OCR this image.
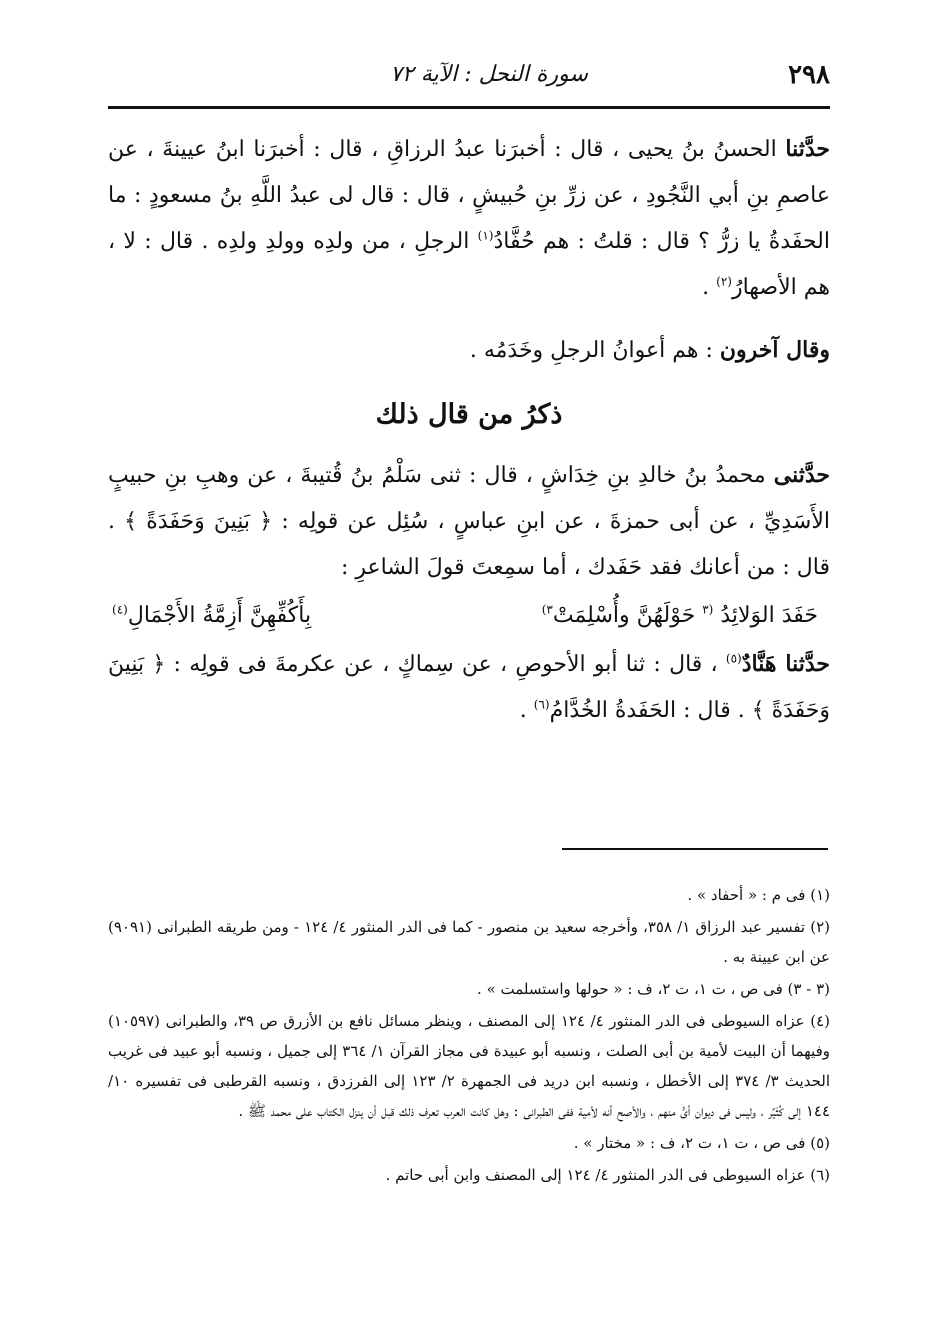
٢٩٨
سورة النحل : الآية ٧٢

حدَّثنا الحسنُ بنُ يحيى ، قال : أخبرَنا عبدُ الرزاقِ ، قال : أخبرَنا ابنُ عيينةَ ، عن عاصمِ بنِ أبي النَّجُودِ ، عن زرِّ بنِ حُبيشٍ ، قال : قال لى عبدُ اللَّهِ بنُ مسعودٍ : ما الحفَدةُ يا زرُّ ؟ قال : قلتُ : هم حُفَّادُ$^{(١)}$ الرجلِ ، من ولدِه وولدِ ولدِه . قال : لا ، هم الأصهارُ$^{(٢)}$ .

وقال آخرون : هم أعوانُ الرجلِ وخَدَمُه .

ذكرُ من قال ذلك

حدَّثنى محمدُ بنُ خالدِ بنِ خِدَاشٍ ، قال : ثنى سَلْمُ بنُ قُتيبةَ ، عن وهبِ بنِ حبيبٍ الأَسَدِيِّ ، عن أبى حمزةَ ، عن ابنِ عباسٍ ، سُئِل عن قولِه : ﴿ بَنِينَ وَحَفَدَةً ﴾ . قال : من أعانك فقد حَفَدك ، أما سمِعتَ قولَ الشاعرِ :

حَفَدَ الوَلائِدُ $^{(٣}$ حَوْلَهُنَّ وأُسْلِمَتْ$^{٣)}$
بِأَكُفِّهِنَّ أَزِمَّةُ الأَجْمَالِ$^{(٤)}$

حدَّثنا هَنَّادٌ$^{(٥)}$ ، قال : ثنا أبو الأحوصِ ، عن سِماكٍ ، عن عكرمةَ فى قولِه : ﴿ بَنِينَ وَحَفَدَةً ﴾ . قال : الحَفَدةُ الخُدَّامُ$^{(٦)}$ .

(١) فى م : « أحفاد » .

(٢) تفسير عبد الرزاق ١/ ٣٥٨، وأخرجه سعيد بن منصور - كما فى الدر المنثور ٤/ ١٢٤ - ومن طريقه الطبرانى (٩٠٩١) عن ابن عيينة به .

(٣ - ٣) فى ص ، ت ١، ت ٢، ف : « حولها واستسلمت » .

(٤) عزاه السيوطى فى الدر المنثور ٤/ ١٢٤ إلى المصنف ، وينظر مسائل نافع بن الأزرق ص ٣٩، والطبرانى (١٠٥٩٧) وفيهما أن البيت لأمية بن أبى الصلت ، ونسبه أبو عبيدة فى مجاز القرآن ١/ ٣٦٤ إلى جميل ، ونسبه أبو عبيد فى غريب الحديث ٣/ ٣٧٤ إلى الأخطل ، ونسبه ابن دريد فى الجمهرة ٢/ ١٢٣ إلى الفرزدق ، ونسبه القرطبى فى تفسيره ١٠/ ١٤٤ إلى كُثَيِّر ، وليس فى ديوان أىٍّ منهم ، والأصح أنه لأمية ففى الطبرانى : وهل كانت العرب تعرف ذلك قبل أن ينزل الكتاب على محمد ﷺ .

(٥) فى ص ، ت ١، ت ٢، ف : « مختار » .

(٦) عزاه السيوطى فى الدر المنثور ٤/ ١٢٤ إلى المصنف وابن أبى حاتم .
